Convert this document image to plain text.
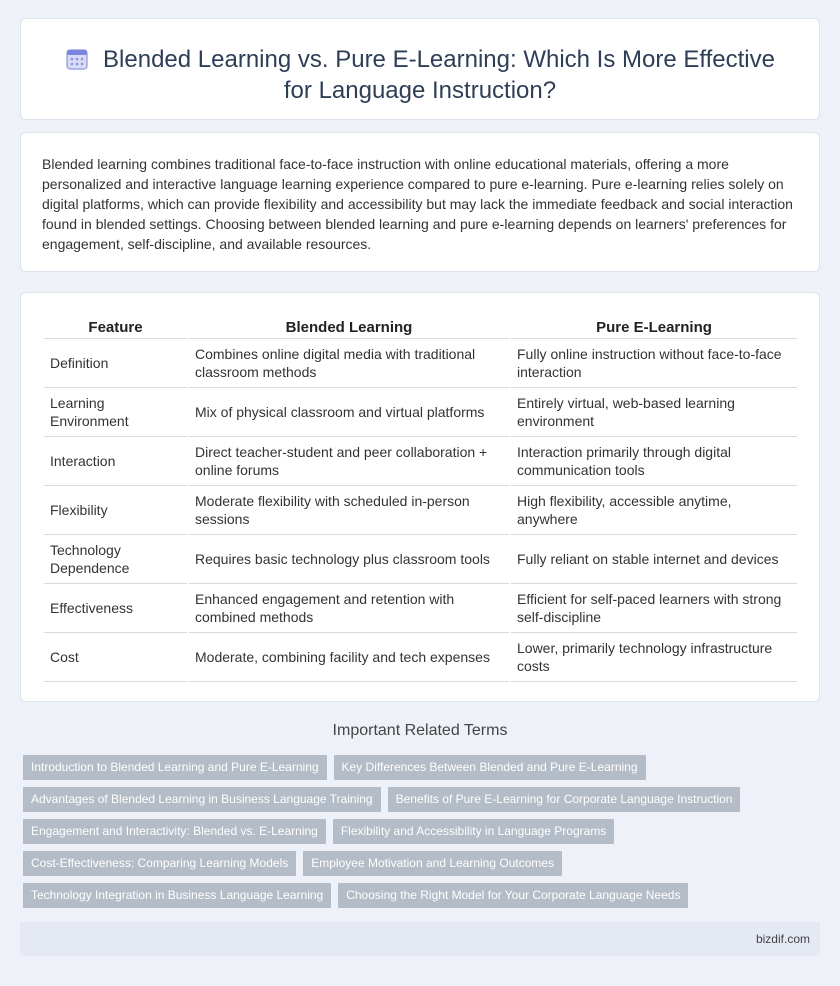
Blended Learning vs. Pure E-Learning: Which Is More Effective for Language Instruction?

Blended learning combines traditional face-to-face instruction with online educational materials, offering a more personalized and interactive language learning experience compared to pure e-learning. Pure e-learning relies solely on digital platforms, which can provide flexibility and accessibility but may lack the immediate feedback and social interaction found in blended settings. Choosing between blended learning and pure e-learning depends on learners' preferences for engagement, self-discipline, and available resources.

Feature	Blended Learning	Pure E-Learning
Definition	Combines online digital media with traditional classroom methods	Fully online instruction without face-to-face interaction
Learning Environment	Mix of physical classroom and virtual platforms	Entirely virtual, web-based learning environment
Interaction	Direct teacher-student and peer collaboration + online forums	Interaction primarily through digital communication tools
Flexibility	Moderate flexibility with scheduled in-person sessions	High flexibility, accessible anytime, anywhere
Technology Dependence	Requires basic technology plus classroom tools	Fully reliant on stable internet and devices
Effectiveness	Enhanced engagement and retention with combined methods	Efficient for self-paced learners with strong self-discipline
Cost	Moderate, combining facility and tech expenses	Lower, primarily technology infrastructure costs
Important Related Terms
Introduction to Blended Learning and Pure E-Learning	Key Differences Between Blended and Pure E-Learning
Advantages of Blended Learning in Business Language Training	Benefits of Pure E-Learning for Corporate Language Instruction
Engagement and Interactivity: Blended vs. E-Learning	Flexibility and Accessibility in Language Programs
Cost-Effectiveness: Comparing Learning Models	Employee Motivation and Learning Outcomes
Technology Integration in Business Language Learning	Choosing the Right Model for Your Corporate Language Needs
bizdif.com
